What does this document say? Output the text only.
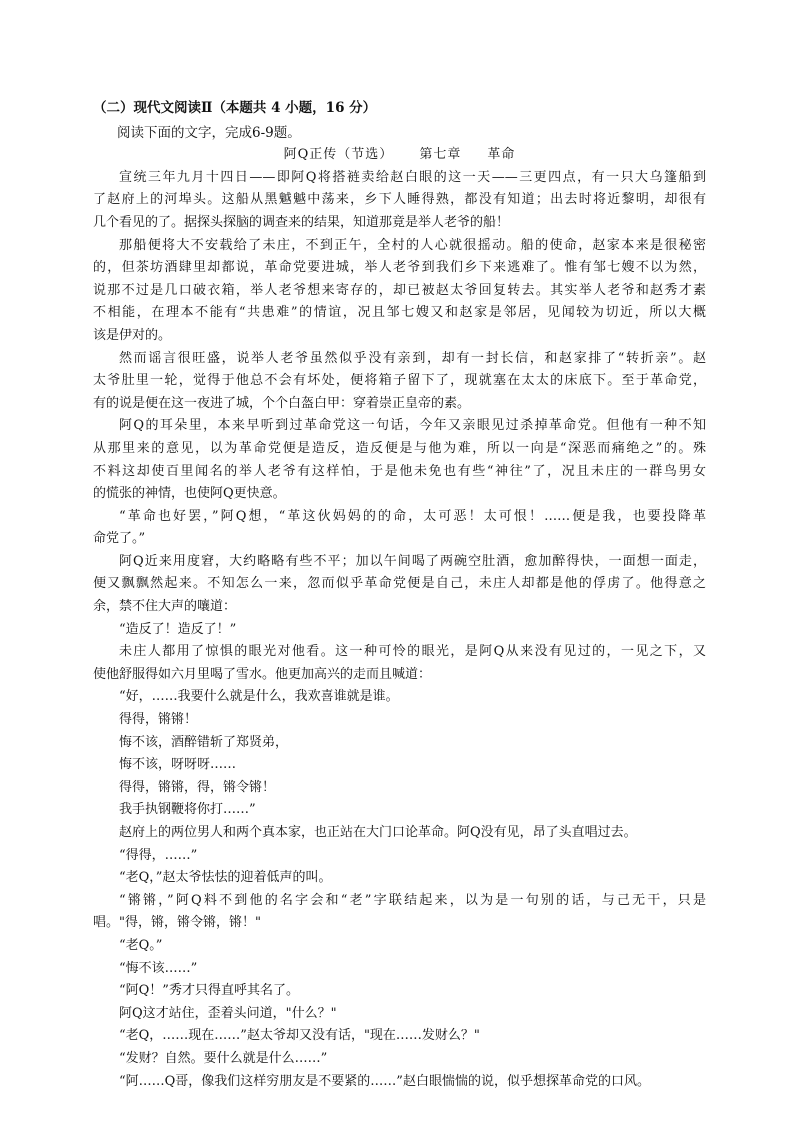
（二）现代文阅读Ⅱ（本题共 4 小题，16 分）
阅读下面的文字，完成6-9题。
阿Q正传（节选） 第七章 革命
宣统三年九月十四日——即阿Q将搭裢卖给赵白眼的这一天——三更四点，有一只大乌篷船到
了赵府上的河埠头。这船从黑魆魆中荡来，乡下人睡得熟，都没有知道；出去时将近黎明，却很有
几个看见的了。据探头探脑的调查来的结果，知道那竟是举人老爷的船！
那船便将大不安载给了未庄，不到正午，全村的人心就很摇动。船的使命，赵家本来是很秘密
的，但茶坊酒肆里却都说，革命党要进城，举人老爷到我们乡下来逃难了。惟有邹七嫂不以为然，
说那不过是几口破衣箱，举人老爷想来寄存的，却已被赵太爷回复转去。其实举人老爷和赵秀才素
不相能，在理本不能有“共患难”的情谊，况且邹七嫂又和赵家是邻居，见闻较为切近，所以大概
该是伊对的。
然而谣言很旺盛，说举人老爷虽然似乎没有亲到，却有一封长信，和赵家排了“转折亲”。赵
太爷肚里一轮，觉得于他总不会有坏处，便将箱子留下了，现就塞在太太的床底下。至于革命党，
有的说是便在这一夜进了城，个个白盔白甲：穿着崇正皇帝的素。
阿Q的耳朵里，本来早听到过革命党这一句话，今年又亲眼见过杀掉革命党。但他有一种不知
从那里来的意见，以为革命党便是造反，造反便是与他为难，所以一向是“深恶而痛绝之”的。殊
不料这却使百里闻名的举人老爷有这样怕，于是他未免也有些“神往”了，况且未庄的一群鸟男女
的慌张的神情，也使阿Q更快意。
“革命也好罢，”阿Q想，“革这伙妈妈的的命，太可恶！太可恨！……便是我，也要投降革
命党了。”
阿Q近来用度窘，大约略略有些不平；加以午间喝了两碗空肚酒，愈加醉得快，一面想一面走，
便又飘飘然起来。不知怎么一来，忽而似乎革命党便是自己，未庄人却都是他的俘虏了。他得意之
余，禁不住大声的嚷道：
“造反了！造反了！”
未庄人都用了惊惧的眼光对他看。这一种可怜的眼光，是阿Q从来没有见过的，一见之下，又
使他舒服得如六月里喝了雪水。他更加高兴的走而且喊道：
“好，……我要什么就是什么，我欢喜谁就是谁。
得得，锵锵！
悔不该，酒醉错斩了郑贤弟，
悔不该，呀呀呀……
得得，锵锵，得，锵令锵！
我手执钢鞭将你打……”
赵府上的两位男人和两个真本家，也正站在大门口论革命。阿Q没有见，昂了头直唱过去。
“得得，……”
“老Q，”赵太爷怯怯的迎着低声的叫。
“锵锵，”阿Q料不到他的名字会和“老”字联结起来，以为是一句别的话，与己无干，只是
唱。"得，锵，锵令锵，锵！"
“老Q。”
“悔不该……”
“阿Q！”秀才只得直呼其名了。
阿Q这才站住，歪着头问道，"什么？"
“老Q，……现在……”赵太爷却又没有话，"现在……发财么？"
“发财？自然。要什么就是什么……”
“阿……Q哥，像我们这样穷朋友是不要紧的……”赵白眼惴惴的说，似乎想探革命党的口风。
